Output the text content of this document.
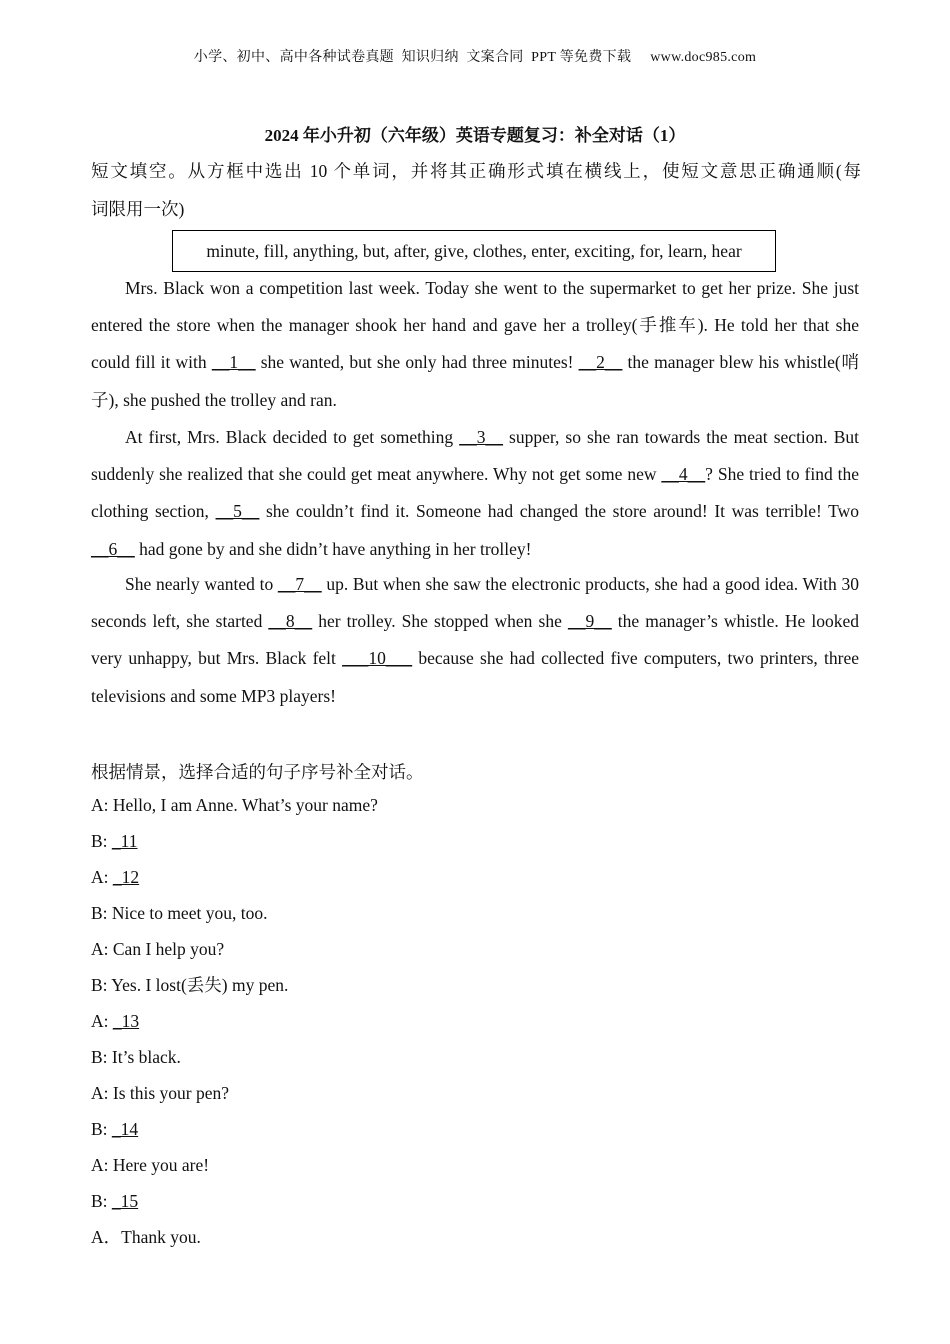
小学、初中、高中各种试卷真题  知识归纳  文案合同  PPT 等免费下载     www.doc985.com
2024 年小升初（六年级）英语专题复习：补全对话（1）
短文填空。从方框中选出 10 个单词，并将其正确形式填在横线上，使短文意思正确通顺(每
词限用一次)
minute, fill, anything, but, after, give, clothes, enter, exciting, for, learn, hear
Mrs. Black won a competition last week. Today she went to the supermarket to get her prize. She just entered the store when the manager shook her hand and gave her a trolley(手推车). He told her that she could fill it with __1__ she wanted, but she only had three minutes! __2__ the manager blew his whistle(哨子), she pushed the trolley and ran.
At first, Mrs. Black decided to get something __3__ supper, so she ran towards the meat section. But suddenly she realized that she could get meat anywhere. Why not get some new __4__? She tried to find the clothing section, __5__ she couldn’t find it. Someone had changed the store around! It was terrible! Two __6__ had gone by and she didn’t have anything in her trolley!
She nearly wanted to __7__ up. But when she saw the electronic products, she had a good idea. With 30 seconds left, she started __8__ her trolley. She stopped when she __9__ the manager’s whistle. He looked very unhappy, but Mrs. Black felt ___10___ because she had collected five computers, two printers, three televisions and some MP3 players!
根据情景，选择合适的句子序号补全对话。
A: Hello, I am Anne. What’s your name?
B: _11
A: _12
B: Nice to meet you, too.
A: Can I help you?
B: Yes. I lost(丢失) my pen.
A: _13
B: It’s black.
A: Is this your pen?
B: _14
A: Here you are!
B: _15
A．Thank you.
